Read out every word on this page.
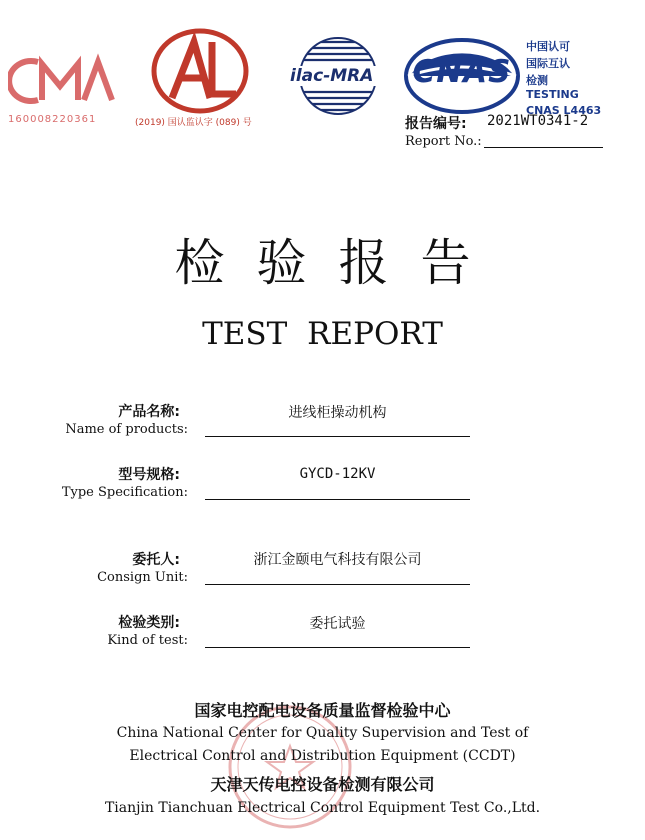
160008220361	(2019) 国认监认字 (089) 号
ilac-MRA CNAS
中国认可
国际互认
检测
TESTING
CNAS L4463
报告编号: 2021WT0341-2
Report No.:
检验报告
TEST REPORT
产品名称:
Name of products:
进线柜操动机构
型号规格:
Type Specification:
GYCD-12KV
委托人:
Consign Unit:
浙江金颐电气科技有限公司
检验类别:
Kind of test:
委托试验
国家电控配电设备质量监督检验中心
China National Center for Quality Supervision and Test of
Electrical Control and Distribution Equipment (CCDT)
天津天传电控设备检测有限公司
Tianjin Tianchuan Electrical Control Equipment Test Co.,Ltd.
